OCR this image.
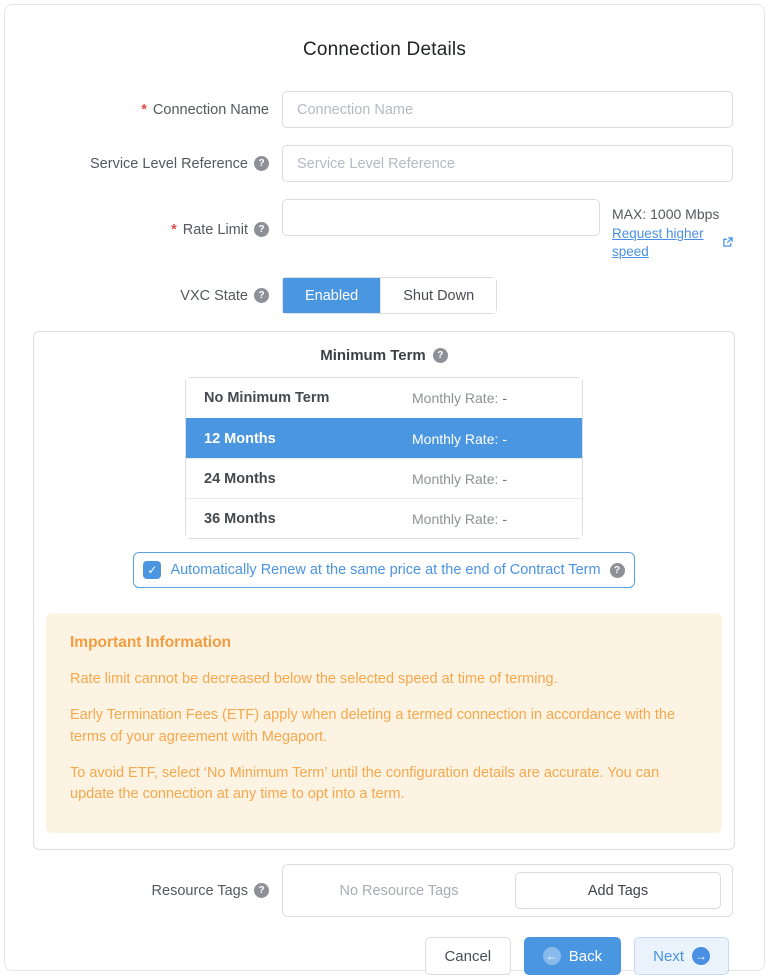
Connection Details
* Connection Name
Connection Name
Service Level Reference	?
Service Level Reference
* Rate Limit	?
MAX: 1000 Mbps
Request higher speed
VXC State	?	Enabled	Shut Down
Minimum Term	?
No Minimum Term	Monthly Rate: -
12 Months	Monthly Rate: -
24 Months	Monthly Rate: -
36 Months	Monthly Rate: -
✓ Automatically Renew at the same price at the end of Contract Term	?
Important Information

Rate limit cannot be decreased below the selected speed at time of terming.

Early Termination Fees (ETF) apply when deleting a termed connection in accordance with the terms of your agreement with Megaport.

To avoid ETF, select ‘No Minimum Term’ until the configuration details are accurate. You can update the connection at any time to opt into a term.

Resource Tags	?	No Resource Tags	Add Tags
Cancel	← Back	Next →
